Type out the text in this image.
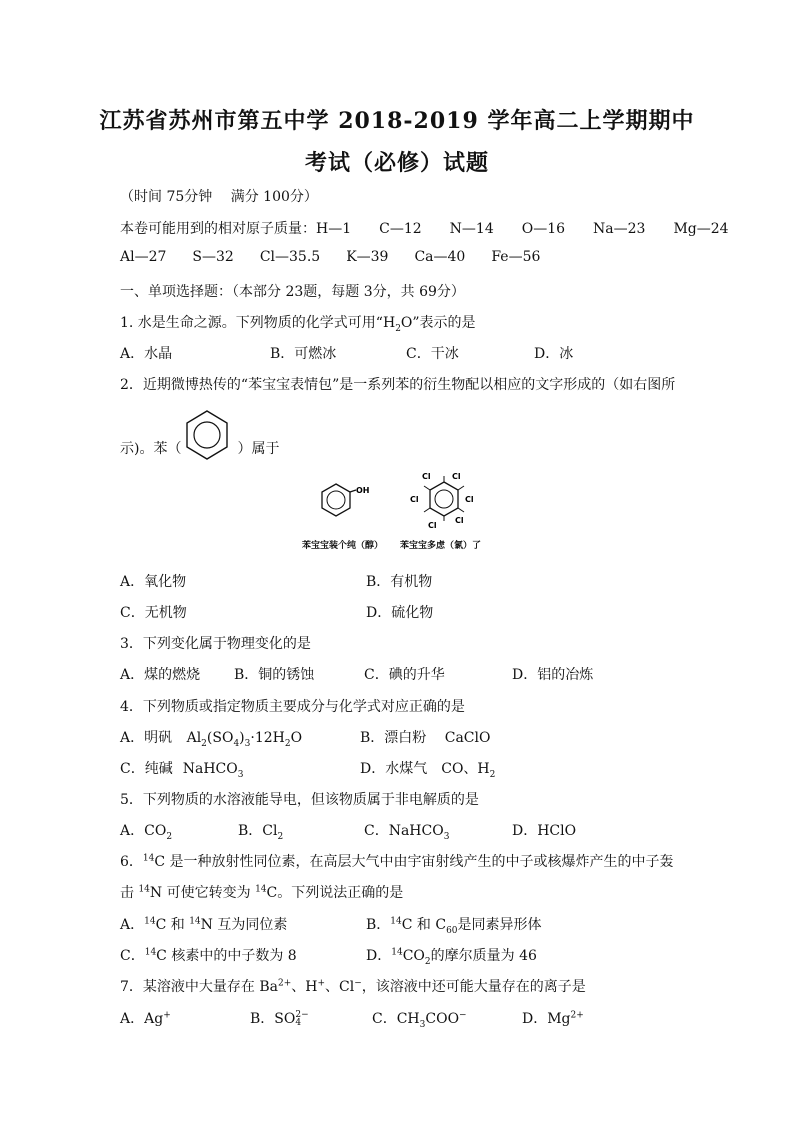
江苏省苏州市第五中学 2018-2019 学年高二上学期期中
考试（必修）试题
（时间 75分钟　 满分 100分）
本卷可能用到的相对原子质量：H—1 C—12 N—14 O—16 Na—23 Mg—24
Al—27 S—32 Cl—35.5 K—39 Ca—40 Fe—56
一、单项选择题：（本部分 23题，每题 3分，共 69分）
1. 水是生命之源。下列物质的化学式可用“$H_2O$”表示的是
A．水晶	B．可燃冰	C．干冰	D．冰
2．近期微博热传的“苯宝宝表情包”是一系列苯的衍生物配以相应的文字形成的（如右图所
示)。苯（	）属于
OH
Cl	Cl
Cl
Cl
Cl
Cl
苯宝宝装个纯（醇） 苯宝宝多虑（氯）了
A．氧化物	B．有机物
C．无机物	D．硫化物
3．下列变化属于物理变化的是
A．煤的燃烧 B．铜的锈蚀	C．碘的升华	D．铝的冶炼
4．下列物质或指定物质主要成分与化学式对应正确的是
A．明矾 $Al_2(SO_4)_3\cdot 12H_2O$	B．漂白粉　 CaClO
C．纯碱 NaHCO$_3$	D．水煤气 CO、$H_2$
5．下列物质的水溶液能导电，但该物质属于非电解质的是
A．$CO_2$	B．$Cl_2$	C．NaHCO$_3$	D．HClO
6．$^{14}$C 是一种放射性同位素，在高层大气中由宇宙射线产生的中子或核爆炸产生的中子轰
击 $^{14}$N 可使它转变为 $^{14}$C。下列说法正确的是
A．$^{14}$C 和 $^{14}$N 互为同位素	B．$^{14}$C 和 $C_{60}$是同素异形体
C．$^{14}$C 核素中的中子数为 8	D．$^{14}CO_2$的摩尔质量为 46
7．某溶液中大量存在 $Ba^{2+}$、H+、Cl−，该溶液中还可能大量存在的离子是
A．Ag+	B．$SO^{2-}$
4	C．$CH_3COO^-$	D．$Mg^{2+}$
